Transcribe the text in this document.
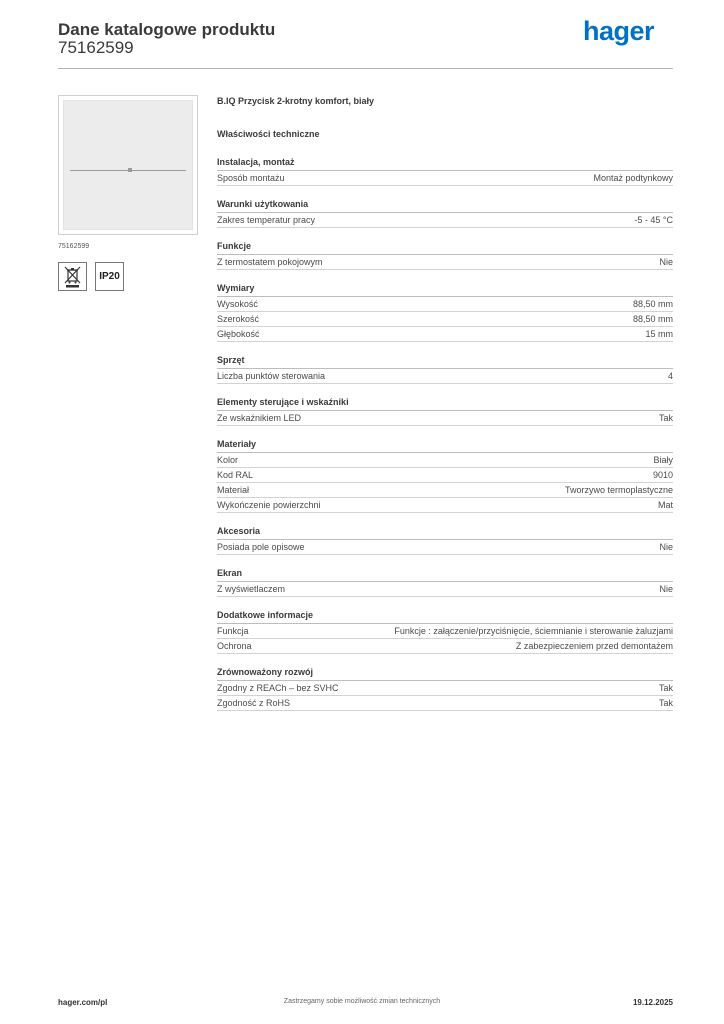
Dane katalogowe produktu
75162599
hager
75162599
IP20
B.IQ Przycisk 2-krotny komfort, biały
Właściwości techniczne
Instalacja, montaż
Sposób montażu	Montaż podtynkowy
Warunki użytkowania
Zakres temperatur pracy	-5 - 45 °C
Funkcje
Z termostatem pokojowym	Nie
Wymiary
Wysokość	88,50 mm
Szerokość	88,50 mm
Głębokość	15 mm
Sprzęt
Liczba punktów sterowania	4
Elementy sterujące i wskaźniki
Ze wskaźnikiem LED	Tak
Materiały
Kolor	Biały
Kod RAL	9010
Materiał	Tworzywo termoplastyczne
Wykończenie powierzchni	Mat
Akcesoria
Posiada pole opisowe	Nie
Ekran
Z wyświetlaczem	Nie
Dodatkowe informacje
Funkcja	Funkcje : załączenie/przyciśnięcie, ściemnianie i sterowanie żaluzjami
Ochrona	Z zabezpieczeniem przed demontażem
Zrównoważony rozwój
Zgodny z REACh – bez SVHC	Tak
Zgodność z RoHS	Tak
hager.com/pl	Zastrzegamy sobie możliwość zmian technicznych	19.12.2025
